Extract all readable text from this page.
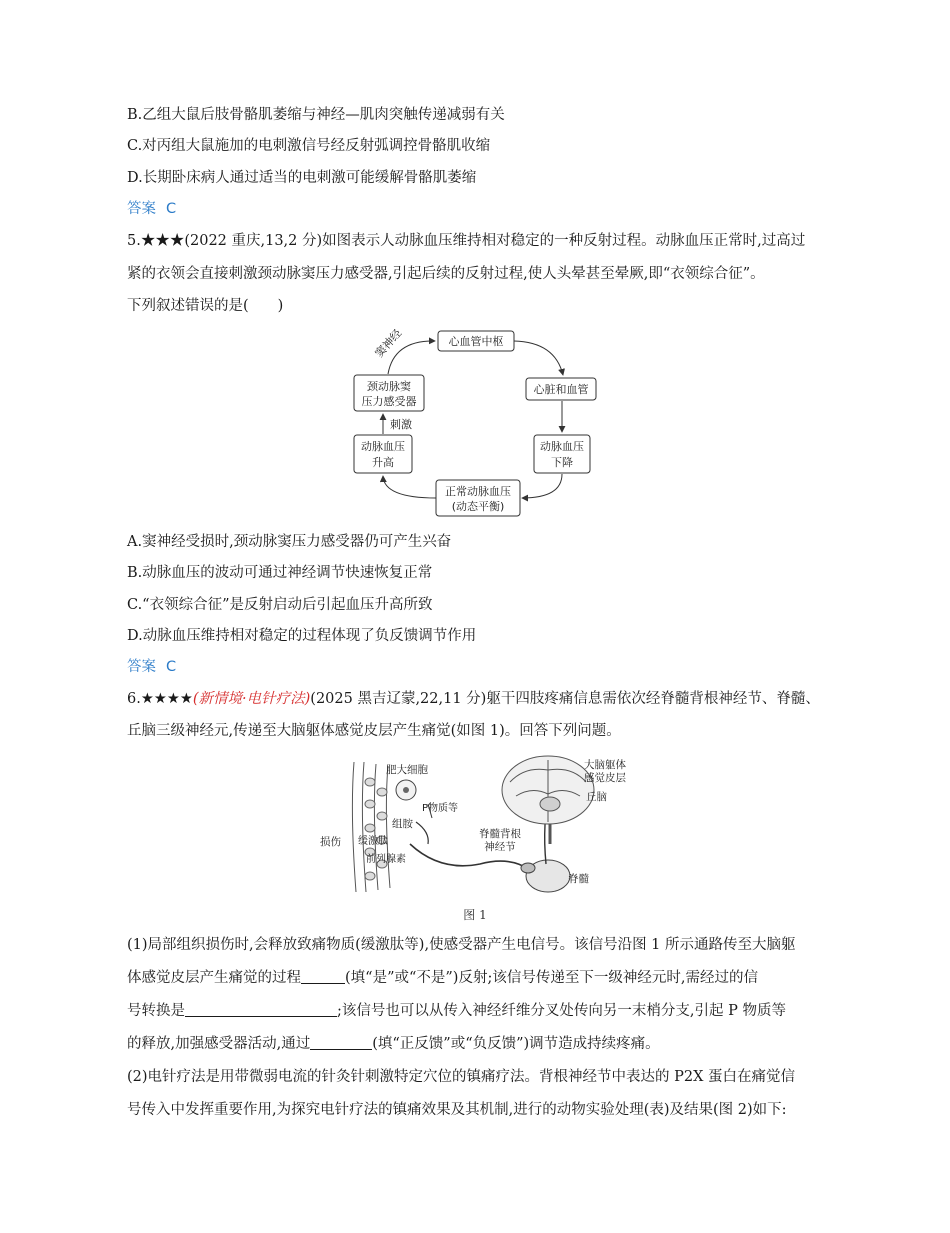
B.乙组大鼠后肢骨骼肌萎缩与神经—肌肉突触传递减弱有关
C.对丙组大鼠施加的电刺激信号经反射弧调控骨骼肌收缩
D.长期卧床病人通过适当的电刺激可能缓解骨骼肌萎缩
答案 C
5.★★★(2022 重庆,13,2 分)如图表示人动脉血压维持相对稳定的一种反射过程。动脉血压正常时,过高过
紧的衣领会直接刺激颈动脉窦压力感受器,引起后续的反射过程,使人头晕甚至晕厥,即“衣领综合征”。
下列叙述错误的是(　　)
心血管中枢
心脏和血管
动脉血压
下降
正常动脉血压
(动态平衡)
动脉血压
升高
颈动脉窦
压力感受器
窦神经
刺激
A.窦神经受损时,颈动脉窦压力感受器仍可产生兴奋
B.动脉血压的波动可通过神经调节快速恢复正常
C.“衣领综合征”是反射启动后引起血压升高所致
D.动脉血压维持相对稳定的过程体现了负反馈调节作用
答案 C
6.★★★★(新情境·电针疗法)(2025 黑吉辽蒙,22,11 分)躯干四肢疼痛信息需依次经脊髓背根神经节、脊髓、
丘脑三级神经元,传递至大脑躯体感觉皮层产生痛觉(如图 1)。回答下列问题。
肥大细胞
P物质等
组胺
缓激肽
损伤
前列腺素
脊髓背根
神经节
大脑躯体
感觉皮层
丘脑
脊髓
图 1
(1)局部组织损伤时,会释放致痛物质(缓激肽等),使感受器产生电信号。该信号沿图 1 所示通路传至大脑躯
体感觉皮层产生痛觉的过程	(填“是”或“不是”)反射;该信号传递至下一级神经元时,需经过的信
号转换是	;该信号也可以从传入神经纤维分叉处传向另一末梢分支,引起 P 物质等
的释放,加强感受器活动,通过	(填“正反馈”或“负反馈”)调节造成持续疼痛。
(2)电针疗法是用带微弱电流的针灸针刺激特定穴位的镇痛疗法。背根神经节中表达的 P2X 蛋白在痛觉信
号传入中发挥重要作用,为探究电针疗法的镇痛效果及其机制,进行的动物实验处理(表)及结果(图 2)如下:
